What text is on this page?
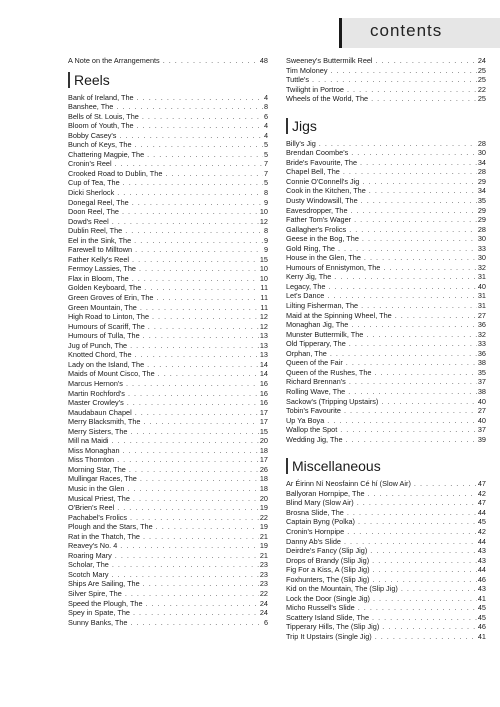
contents
A Note on the Arrangements . . .	48
Reels
Bank of Ireland, The . . .	4
Banshee, The . . .	8
Bells of St. Louis, The . . .	6
Bloom of Youth, The . . .	4
Bobby Casey's . . .	4
Bunch of Keys, The . . .	5
Chattering Magpie, The . . .	5
Cronin's Reel . . .	7
Crooked Road to Dublin, The . . .	7
Cup of Tea, The . . .	5
Dicki Sherlock . . .	8
Donegal Reel, The . . .	9
Doon Reel, The . . .	10
Dowd's Reel . . .	12
Dublin Reel, The . . .	8
Eel in the Sink, The . . .	9
Farewell to Milltown . . .	9
Father Kelly's Reel . . .	15
Fermoy Lassies, The . . .	10
Flax in Bloom, The . . .	10
Golden Keyboard, The . . .	11
Green Groves of Erin, The . . .	11
Green Mountain, The . . .	11
High Road to Linton, The . . .	12
Humours of Scariff, The . . .	12
Humours of Tulla, The . . .	13
Jug of Punch, The . . .	13
Knotted Chord, The . . .	13
Lady on the Island, The . . .	14
Maids of Mount Cisco, The . . .	14
Marcus Hernon's . . .	16
Martin Rochford's . . .	16
Master Crowley's . . .	16
Maudabaun Chapel . . .	17
Merry Blacksmith, The . . .	17
Merry Sisters, The . . .	15
Mill na Maidi . . .	20
Miss Monaghan . . .	18
Miss Thornton . . .	17
Morning Star, The . . .	26
Mullingar Races, The . . .	18
Music in the Glen . . .	18
Musical Priest, The . . .	20
O'Brien's Reel . . .	19
Pachabel's Frolics . . .	22
Plough and the Stars, The . . .	19
Rat in the Thatch, The . . .	21
Reavey's No. 4 . . .	19
Roaring Mary . . .	21
Scholar, The . . .	23
Scotch Mary . . .	23
Ships Are Sailing, The . . .	23
Silver Spire, The . . .	22
Speed the Plough, The . . .	24
Spey in Spate, The . . .	24
Sunny Banks, The . . .	6
Sweeney's Buttermilk Reel . . .	24
Tim Moloney . . .	25
Tuttle's . . .	25
Twilight in Portroe . . .	22
Wheels of the World, The . . .	25
Jigs
Billy's Jig . . .	28
Brendan Coombe's . . .	30
Bride's Favourite, The . . .	34
Chapel Bell, The . . .	28
Connie O'Connell's Jig . . .	29
Cook in the Kitchen, The . . .	34
Dusty Windowsill, The . . .	35
Eavesdropper, The . . .	29
Father Tom's Wager . . .	29
Gallagher's Frolics . . .	28
Geese in the Bog, The . . .	30
Gold Ring, The . . .	33
House in the Glen, The . . .	30
Humours of Ennistymon, The . . .	32
Kerry Jig, The . . .	31
Legacy, The . . .	40
Let's Dance . . .	31
Lilting Fisherman, The . . .	31
Maid at the Spinning Wheel, The . . .	27
Monaghan Jig, The . . .	36
Munster Buttermilk, The . . .	32
Old Tipperary, The . . .	33
Orphan, The . . .	36
Queen of the Fair . . .	38
Queen of the Rushes, The . . .	35
Richard Brennan's . . .	37
Rolling Wave, The . . .	38
Sackow's (Tripping Upstairs) . . .	40
Tobin's Favourite . . .	27
Up Ya Boya . . .	40
Wallop the Spot . . .	37
Wedding Jig, The . . .	39
Miscellaneous
Ar Éirinn Ní Neosfainn Cé hí (Slow Air) . . .	47
Ballyoran Hornpipe, The . . .	42
Blind Mary (Slow Air) . . .	47
Brosna Slide, The . . .	44
Captain Byng (Polka) . . .	45
Cronin's Hornpipe . . .	42
Danny Ab's Slide . . .	44
Deirdre's Fancy (Slip Jig) . . .	43
Drops of Brandy (Slip Jig) . . .	43
Fig For a Kiss, A (Slip Jig) . . .	44
Foxhunters, The (Slip Jig) . . .	46
Kid on the Mountain, The (Slip Jig) . . .	43
Lock the Door (Single Jig) . . .	41
Micho Russell's Slide . . .	45
Scattery Island Slide, The . . .	45
Tipperary Hills, The (Slip Jig) . . .	46
Trip It Upstairs (Single Jig) . . .	41
